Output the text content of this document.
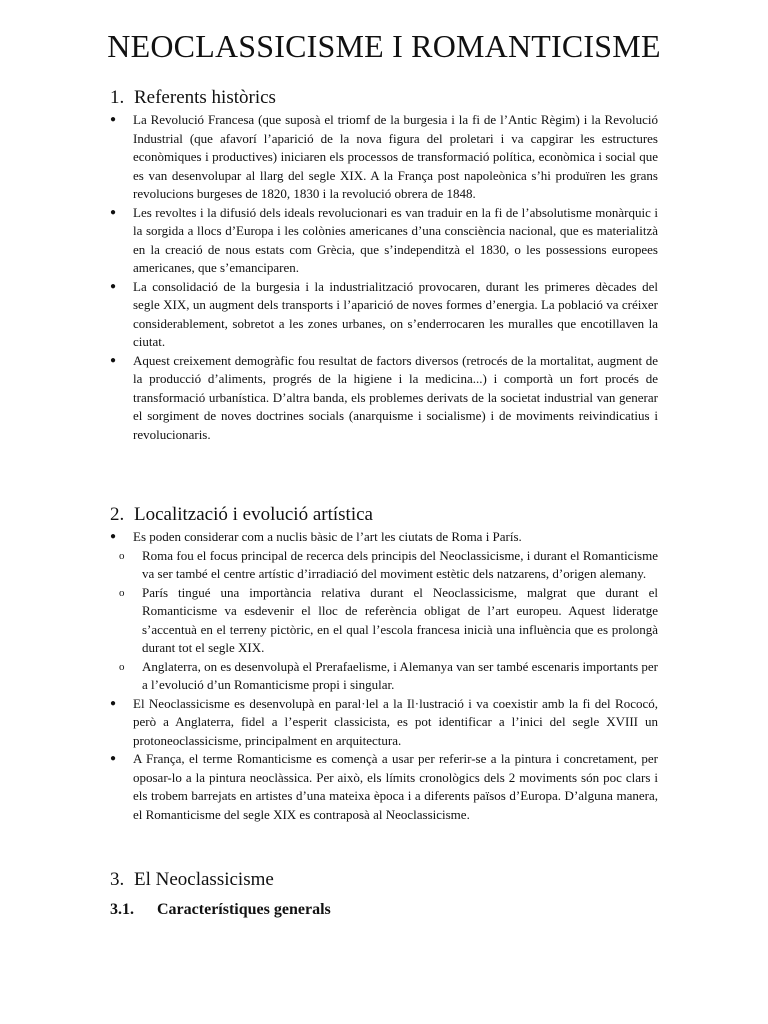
NEOCLASSICISME I ROMANTICISME
1. Referents històrics
● La Revolució Francesa (que suposà el triomf de la burgesia i la fi de l’Antic Règim) i la Revolució Industrial (que afavorí l’aparició de la nova figura del proletari i va capgirar les estructures econòmiques i productives) iniciaren els processos de transformació política, econòmica i social que es van desenvolupar al llarg del segle XIX. A la França post napoleònica s’hi produïren les grans revolucions burgeses de 1820, 1830 i la revolució obrera de 1848.
● Les revoltes i la difusió dels ideals revolucionari es van traduir en la fi de l’absolutisme monàrquic i la sorgida a llocs d’Europa i les colònies americanes d’una consciència nacional, que es materialitzà en la creació de nous estats com Grècia, que s’independitzà el 1830, o les possessions europees americanes, que s’emanciparen.
● La consolidació de la burgesia i la industrialització provocaren, durant les primeres dècades del segle XIX, un augment dels transports i l’aparició de noves formes d’energia. La població va créixer considerablement, sobretot a les zones urbanes, on s’enderrocaren les muralles que encotillaven la ciutat.
● Aquest creixement demogràfic fou resultat de factors diversos (retrocés de la mortalitat, augment de la producció d’aliments, progrés de la higiene i la medicina...) i comportà un fort procés de transformació urbanística. D’altra banda, els problemes derivats de la societat industrial van generar el sorgiment de noves doctrines socials (anarquisme i socialisme) i de moviments reivindicatius i revolucionaris.
2. Localització i evolució artística
● Es poden considerar com a nuclis bàsic de l’art les ciutats de Roma i París.
o Roma fou el focus principal de recerca dels principis del Neoclassicisme, i durant el Romanticisme va ser també el centre artístic d’irradiació del moviment estètic dels natzarens, d’origen alemany.
o París tingué una importància relativa durant el Neoclassicisme, malgrat que durant el Romanticisme va esdevenir el lloc de referència obligat de l’art europeu. Aquest lideratge s’accentuà en el terreny pictòric, en el qual l’escola francesa inicià una influència que es prolongà durant tot el segle XIX.
o Anglaterra, on es desenvolupà el Prerafaelisme, i Alemanya van ser també escenaris importants per a l’evolució d’un Romanticisme propi i singular.
● El Neoclassicisme es desenvolupà en paral·lel a la Il·lustració i va coexistir amb la fi del Rococó, però a Anglaterra, fidel a l’esperit classicista, es pot identificar a l’inici del segle XVIII un protoneoclassicisme, principalment en arquitectura.
● A França, el terme Romanticisme es començà a usar per referir-se a la pintura i concretament, per oposar-lo a la pintura neoclàssica. Per això, els límits cronològics dels 2 moviments són poc clars i els trobem barrejats en artistes d’una mateixa època i a diferents països d’Europa. D’alguna manera, el Romanticisme del segle XIX es contraposà al Neoclassicisme.
3. El Neoclassicisme
3.1. Característiques generals
